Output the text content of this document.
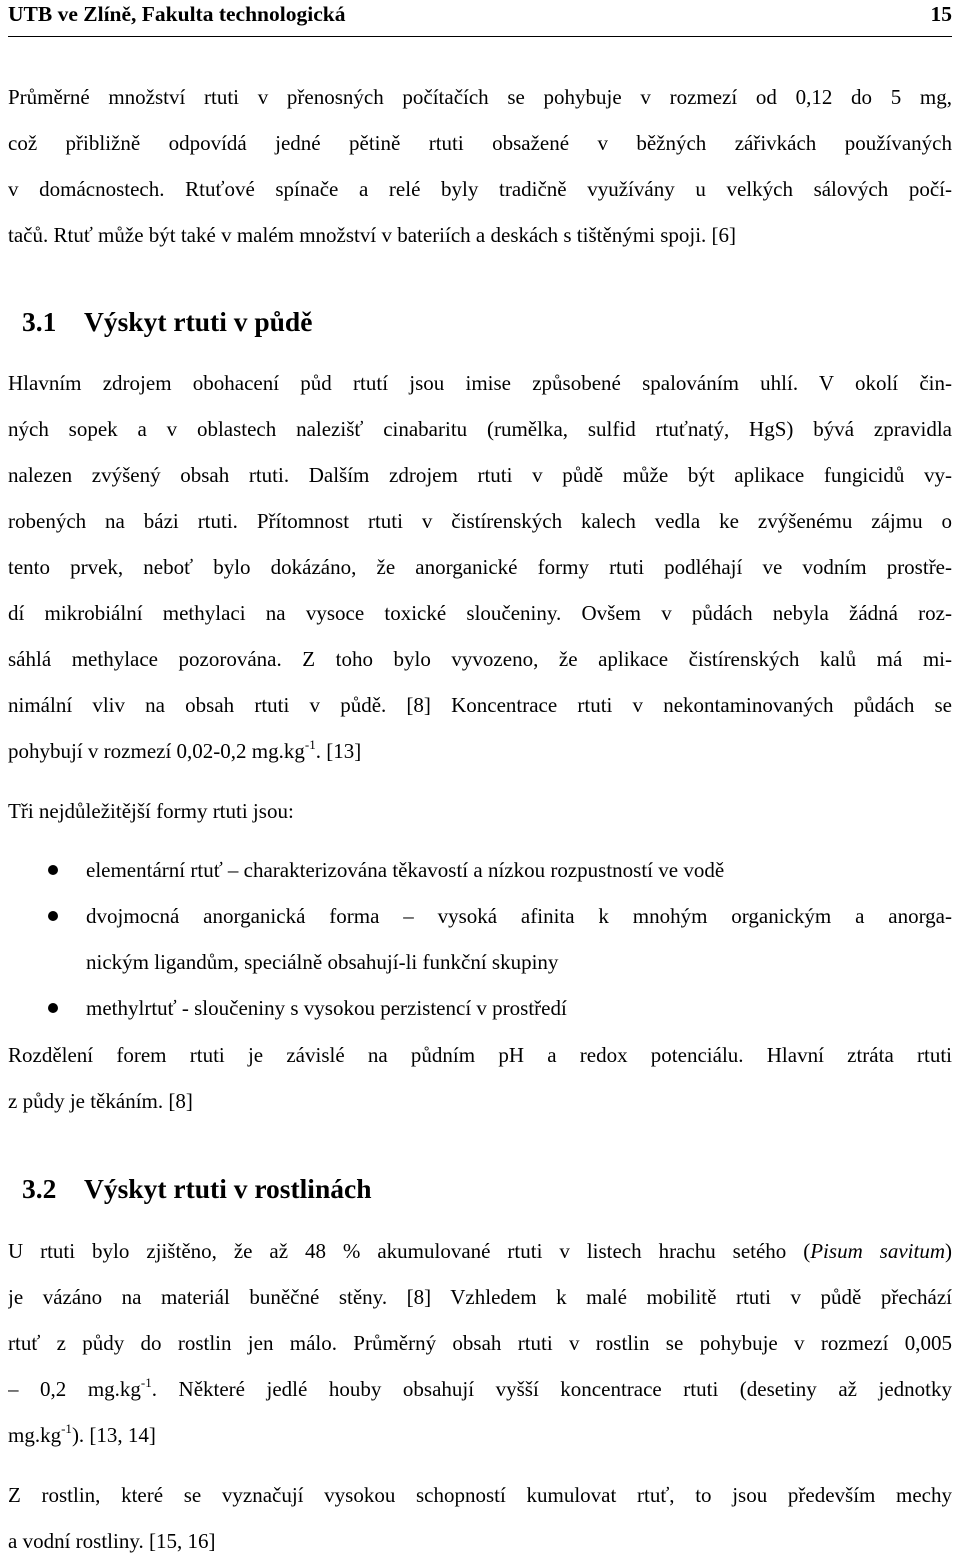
UTB ve Zlíně, Fakulta technologická	15
Průměrné množství rtuti v přenosných počítačích se pohybuje v rozmezí od 0,12 do 5 mg,
což přibližně odpovídá jedné pětině rtuti obsažené v běžných zářivkách používaných
v domácnostech. Rtuťové spínače a relé byly tradičně využívány u velkých sálových počí-
tačů. Rtuť může být také v malém množství v bateriích a deskách s tištěnými spoji. [6]
3.1 Výskyt rtuti v půdě
Hlavním zdrojem obohacení půd rtutí jsou imise způsobené spalováním uhlí. V okolí čin-
ných sopek a v oblastech nalezišť cinabaritu (rumělka, sulfid rtuťnatý, HgS) bývá zpravidla
nalezen zvýšený obsah rtuti. Dalším zdrojem rtuti v půdě může být aplikace fungicidů vy-
robených na bázi rtuti. Přítomnost rtuti v čistírenských kalech vedla ke zvýšenému zájmu o
tento prvek, neboť bylo dokázáno, že anorganické formy rtuti podléhají ve vodním prostře-
dí mikrobiální methylaci na vysoce toxické sloučeniny. Ovšem v půdách nebyla žádná roz-
sáhlá methylace pozorována. Z toho bylo vyvozeno, že aplikace čistírenských kalů má mi-
nimální vliv na obsah rtuti v půdě. [8] Koncentrace rtuti v nekontaminovaných půdách se
pohybují v rozmezí 0,02-0,2 $mg.kg^{-1}$. [13]
Tři nejdůležitější formy rtuti jsou:
elementární rtuť – charakterizována těkavostí a nízkou rozpustností ve vodě
dvojmocná anorganická forma – vysoká afinita k mnohým organickým a anorga-
nickým ligandům, speciálně obsahují-li funkční skupiny
methylrtuť - sloučeniny s vysokou perzistencí v prostředí
Rozdělení forem rtuti je závislé na půdním pH a redox potenciálu. Hlavní ztráta rtuti
z půdy je těkáním. [8]
3.2 Výskyt rtuti v rostlinách
U rtuti bylo zjištěno, že až 48 % akumulované rtuti v listech hrachu setého (Pisum savitum)
je vázáno na materiál buněčné stěny. [8] Vzhledem k malé mobilitě rtuti v půdě přechází
rtuť z půdy do rostlin jen málo. Průměrný obsah rtuti v rostlin se pohybuje v rozmezí 0,005
– 0,2 $mg.kg^{-1}$. Některé jedlé houby obsahují vyšší koncentrace rtuti (desetiny až jednotky
$mg.kg^{-1}$). [13, 14]
Z rostlin, které se vyznačují vysokou schopností kumulovat rtuť, to jsou především mechy
a vodní rostliny. [15, 16]
